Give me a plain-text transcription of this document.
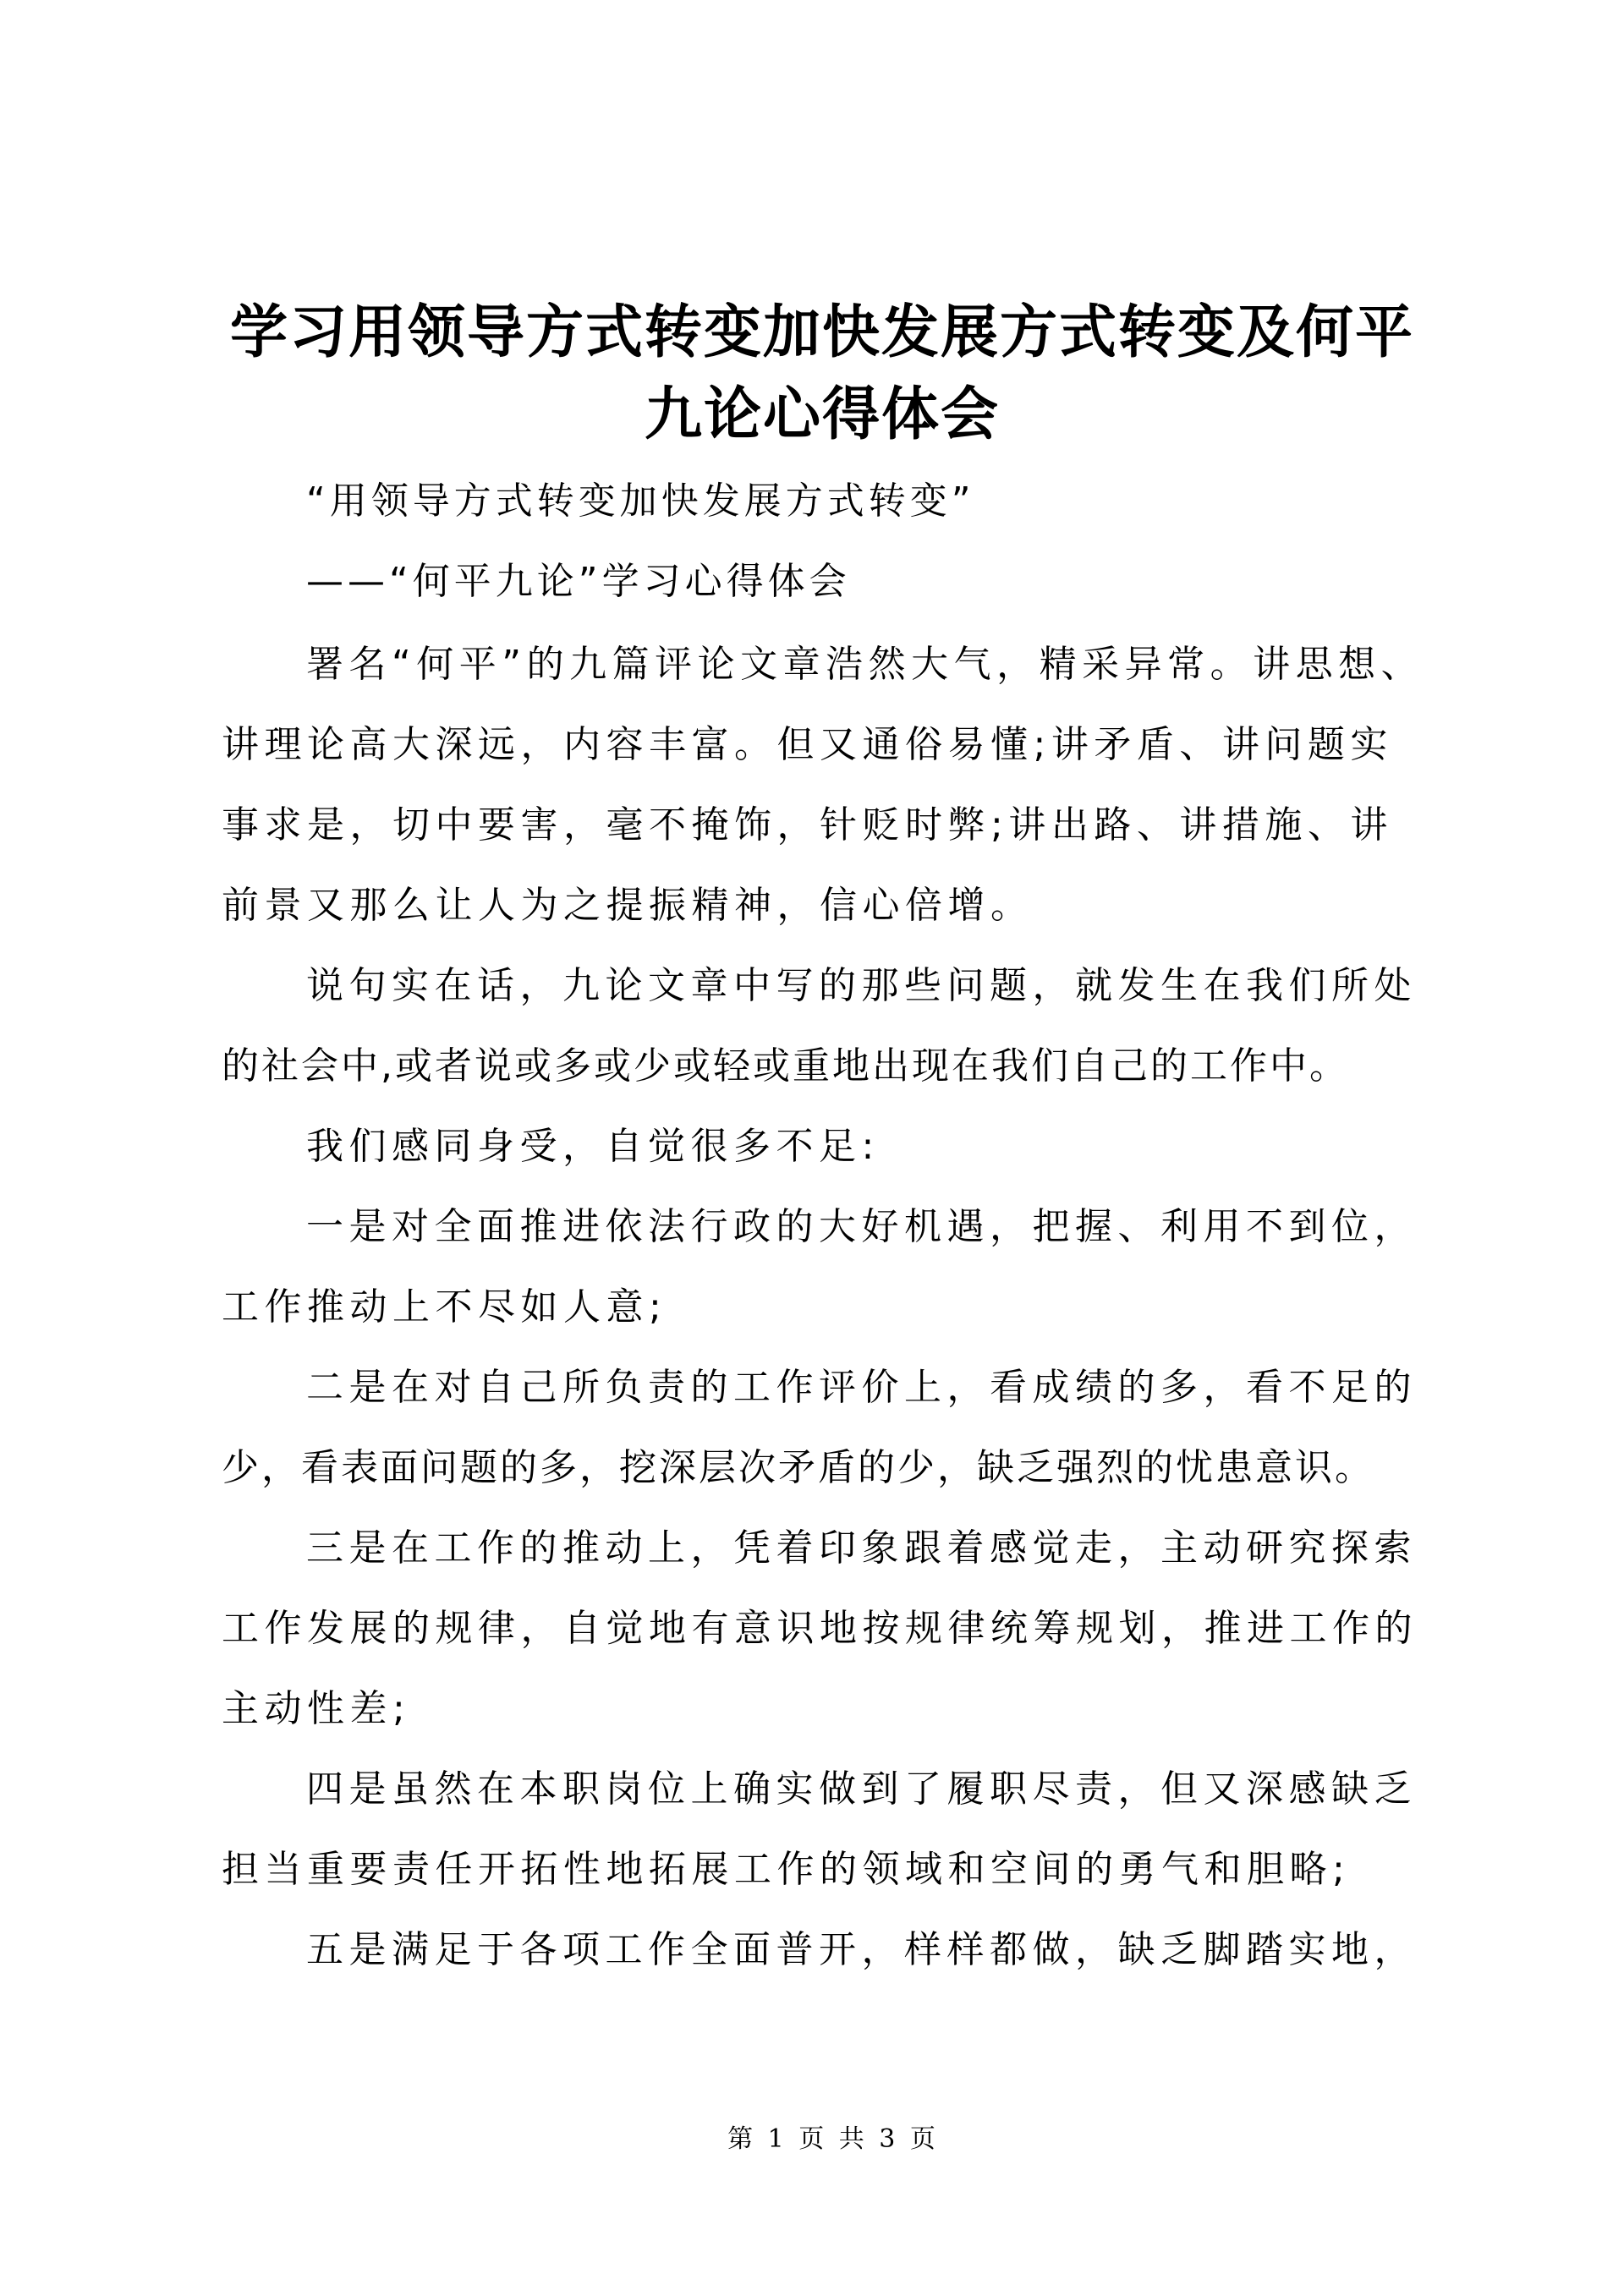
学习用领导方式转变加快发展方式转变及何平
九论心得体会
“用领导方式转变加快发展方式转变”
——“何平九论”学习心得体会
署名“何平”的九篇评论文章浩然大气，精采异常。讲思想、
讲理论高大深远，内容丰富。但又通俗易懂;讲矛盾、讲问题实
事求是，切中要害，毫不掩饰，针贬时弊;讲出路、讲措施、讲
前景又那么让人为之提振精神，信心倍增。
说句实在话，九论文章中写的那些问题，就发生在我们所处
的社会中,或者说或多或少或轻或重地出现在我们自己的工作中。
我们感同身受，自觉很多不足:
一是对全面推进依法行政的大好机遇，把握、利用不到位，
工作推动上不尽如人意;
二是在对自己所负责的工作评价上，看成绩的多，看不足的
少，看表面问题的多，挖深层次矛盾的少，缺乏强烈的忧患意识。
三是在工作的推动上，凭着印象跟着感觉走，主动研究探索
工作发展的规律，自觉地有意识地按规律统筹规划，推进工作的
主动性差;
四是虽然在本职岗位上确实做到了履职尽责，但又深感缺乏
担当重要责任开拓性地拓展工作的领域和空间的勇气和胆略;
五是满足于各项工作全面普开，样样都做，缺乏脚踏实地，
第 1 页 共 3 页
